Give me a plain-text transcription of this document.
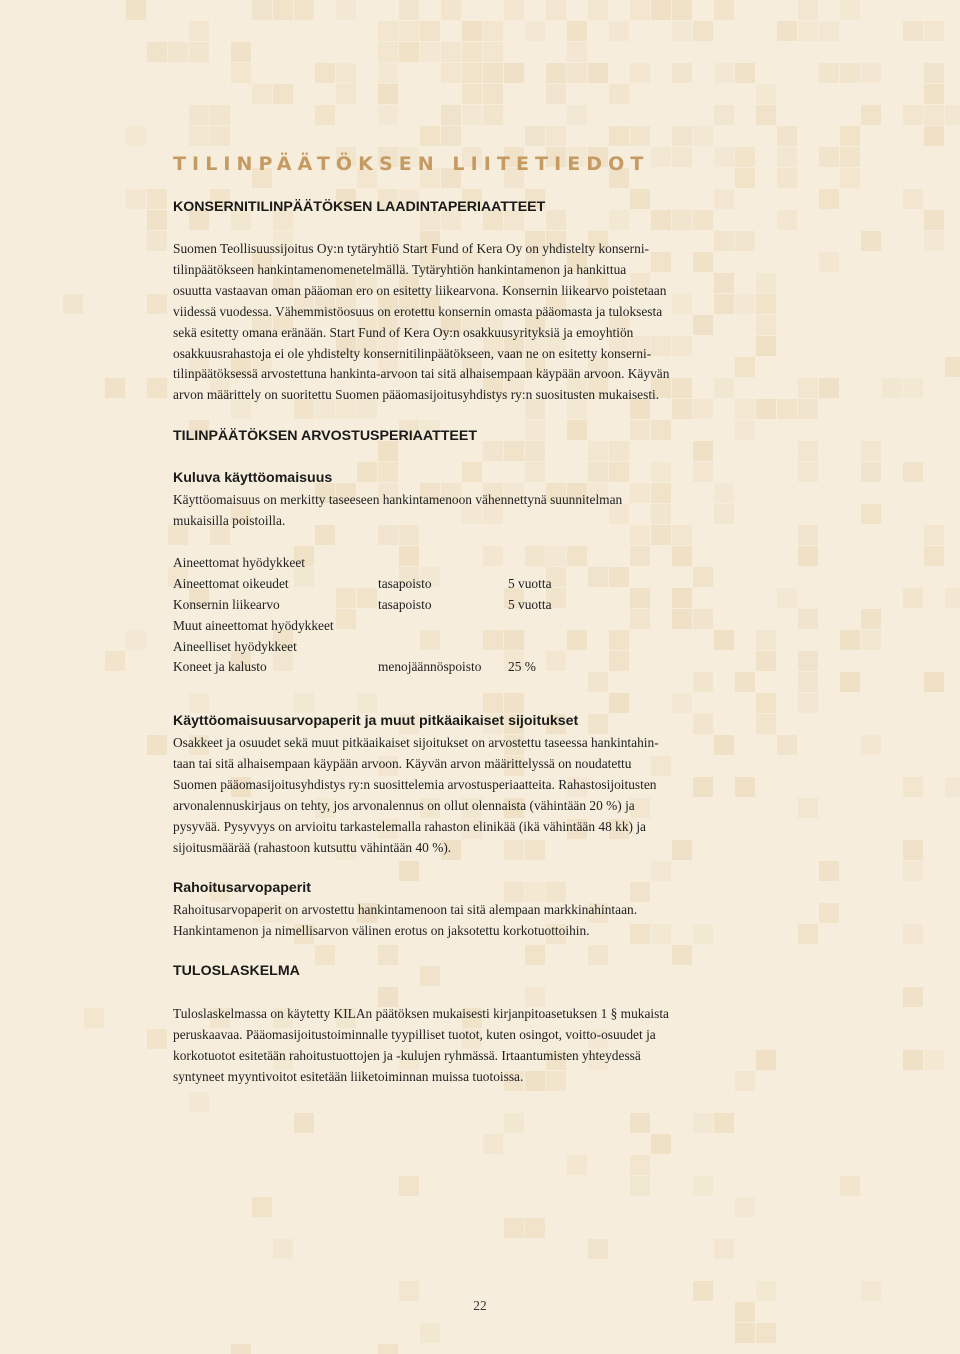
TILINPÄÄTÖKSEN LIITETIEDOT
KONSERNITILINPÄÄTÖKSEN LAADINTAPERIAATTEET
Suomen Teollisuussijoitus Oy:n tytäryhtiö Start Fund of Kera Oy on yhdistelty konserni-
tilinpäätökseen hankintamenomenetelmällä. Tytäryhtiön hankintamenon ja hankittua
osuutta vastaavan oman pääoman ero on esitetty liikearvona. Konsernin liikearvo poistetaan
viidessä vuodessa. Vähemmistöosuus on erotettu konsernin omasta pääomasta ja tuloksesta
sekä esitetty omana eränään. Start Fund of Kera Oy:n osakkuusyrityksiä ja emoyhtiön
osakkuusrahastoja ei ole yhdistelty konsernitilinpäätökseen, vaan ne on esitetty konserni-
tilinpäätöksessä arvostettuna hankinta-arvoon tai sitä alhaisempaan käypään arvoon. Käyvän
arvon määrittely on suoritettu Suomen pääomasijoitusyhdistys ry:n suositusten mukaisesti.
TILINPÄÄTÖKSEN ARVOSTUSPERIAATTEET
Kuluva käyttöomaisuus
Käyttöomaisuus on merkitty taseeseen hankintamenoon vähennettynä suunnitelman
mukaisilla poistoilla.
Aineettomat hyödykkeet
Aineettomat oikeudet	tasapoisto	5 vuotta
Konsernin liikearvo	tasapoisto	5 vuotta
Muut aineettomat hyödykkeet
Aineelliset hyödykkeet
Koneet ja kalusto	menojäännöspoisto 25 %
Käyttöomaisuusarvopaperit ja muut pitkäaikaiset sijoitukset
Osakkeet ja osuudet sekä muut pitkäaikaiset sijoitukset on arvostettu taseessa hankintahin-
taan tai sitä alhaisempaan käypään arvoon. Käyvän arvon määrittelyssä on noudatettu
Suomen pääomasijoitusyhdistys ry:n suosittelemia arvostusperiaatteita. Rahastosijoitusten
arvonalennuskirjaus on tehty, jos arvonalennus on ollut olennaista (vähintään 20 %) ja
pysyvää. Pysyvyys on arvioitu tarkastelemalla rahaston elinikää (ikä vähintään 48 kk) ja
sijoitusmäärää (rahastoon kutsuttu vähintään 40 %).
Rahoitusarvopaperit
Rahoitusarvopaperit on arvostettu hankintamenoon tai sitä alempaan markkinahintaan.
Hankintamenon ja nimellisarvon välinen erotus on jaksotettu korkotuottoihin.
TULOSLASKELMA
Tuloslaskelmassa on käytetty KILAn päätöksen mukaisesti kirjanpitoasetuksen 1 § mukaista
peruskaavaa. Pääomasijoitustoiminnalle tyypilliset tuotot, kuten osingot, voitto-osuudet ja
korkotuotot esitetään rahoitustuottojen ja -kulujen ryhmässä. Irtaantumisten yhteydessä
syntyneet myyntivoitot esitetään liiketoiminnan muissa tuotoissa.

22
